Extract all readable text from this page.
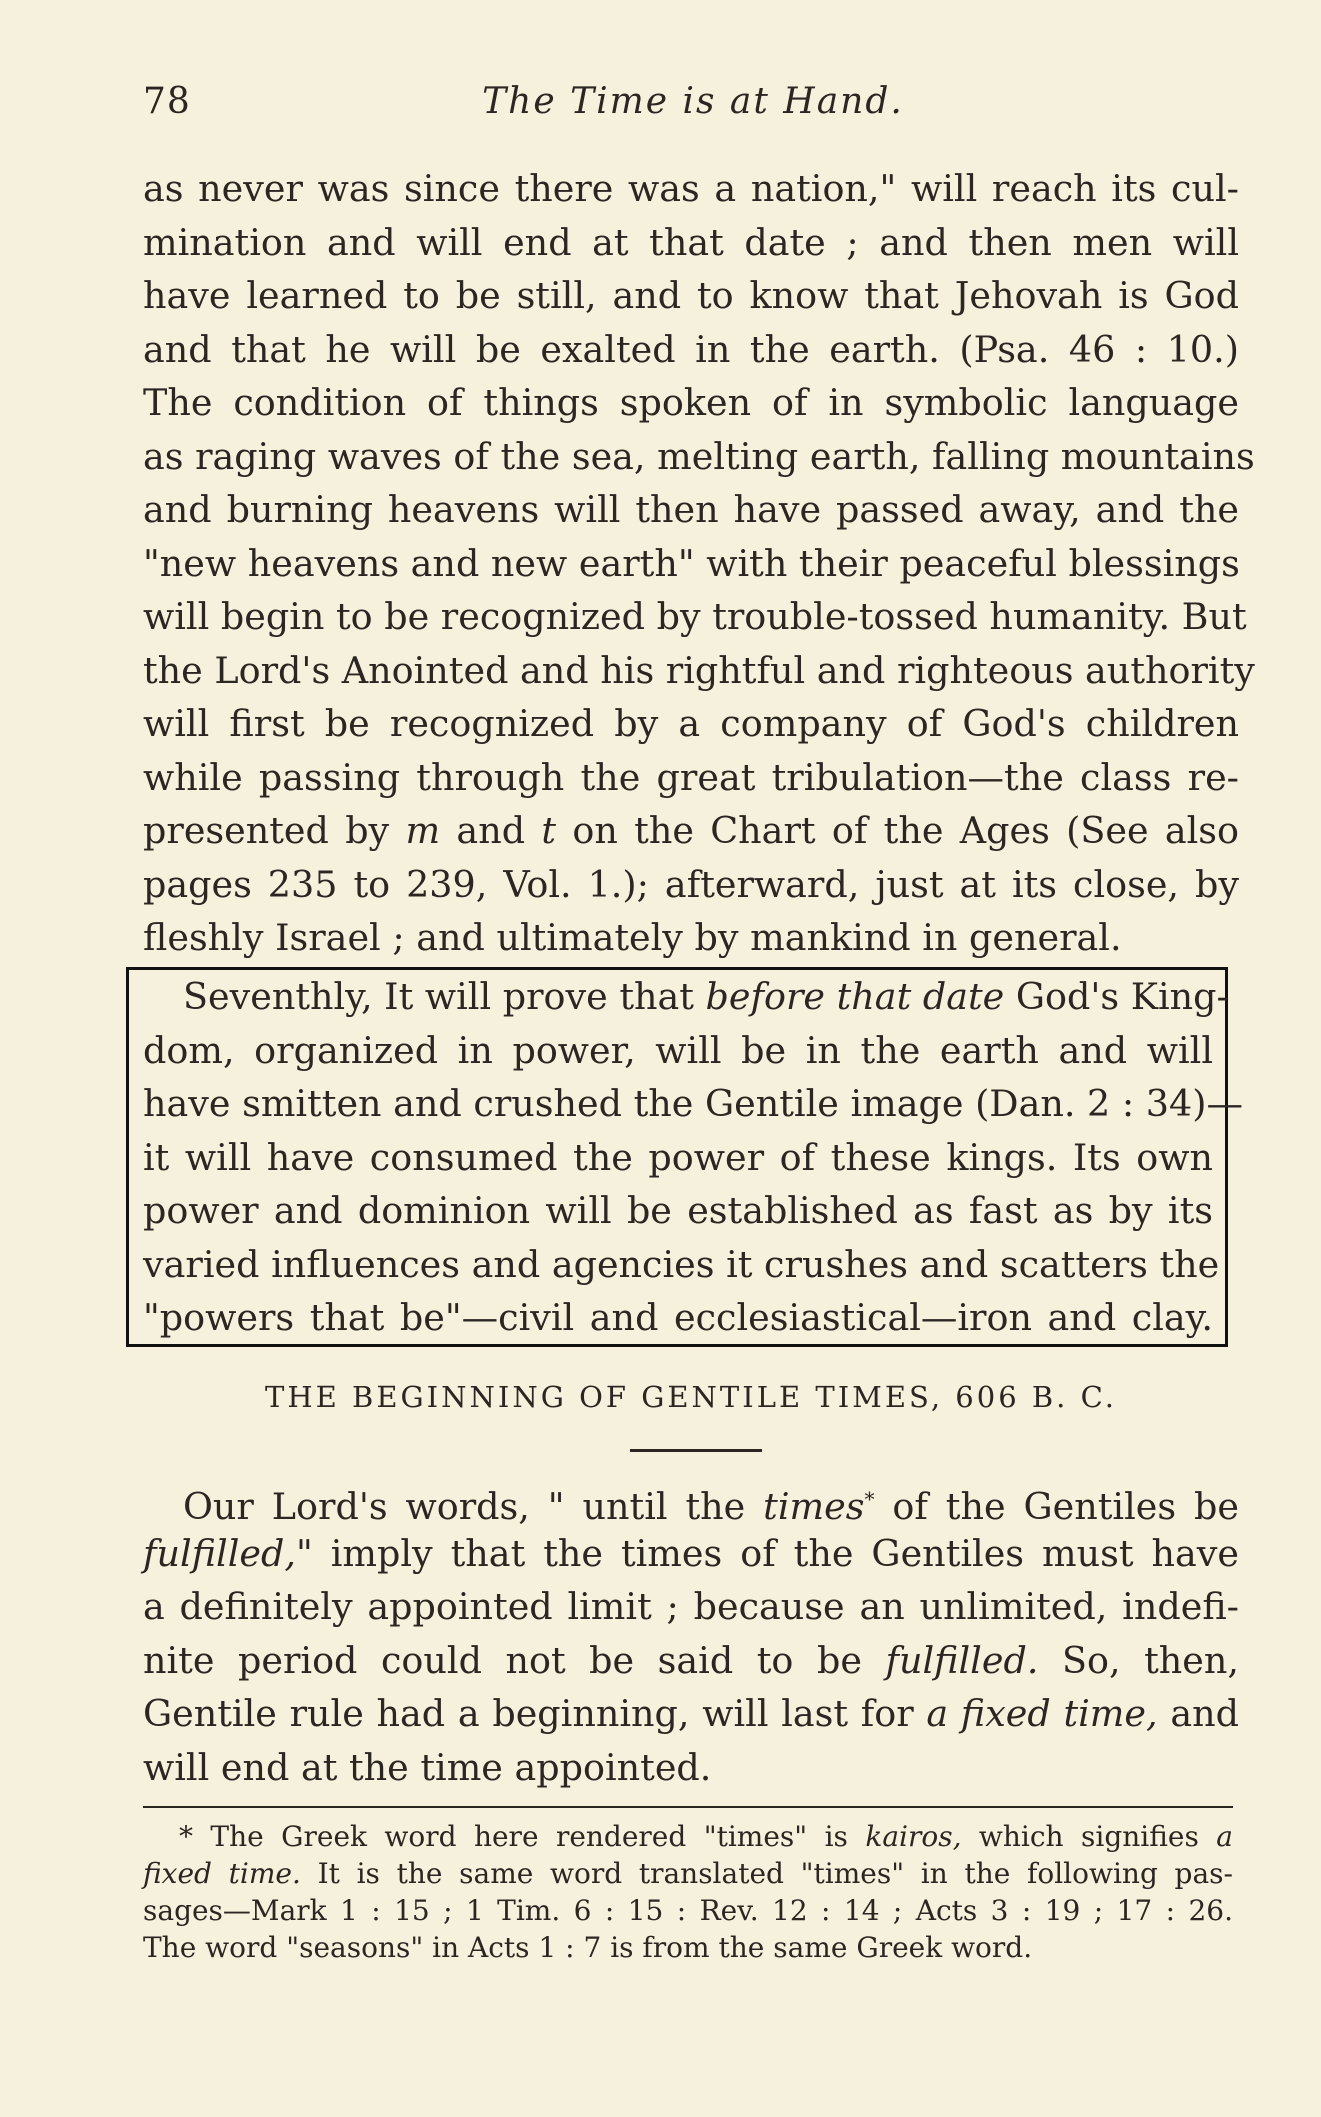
78	The Time is at Hand.
as never was since there was a nation," will reach its cul-
mination and will end at that date ; and then men will
have learned to be still, and to know that Jehovah is God
and that he will be exalted in the earth. (Psa. 46 : 10.)
The condition of things spoken of in symbolic language
as raging waves of the sea, melting earth, falling mountains
and burning heavens will then have passed away, and the
"new heavens and new earth" with their peaceful blessings
will begin to be recognized by trouble-tossed humanity. But
the Lord's Anointed and his rightful and righteous authority
will first be recognized by a company of God's children
while passing through the great tribulation—the class re-
presented by m and t on the Chart of the Ages (See also
pages 235 to 239, Vol. 1.); afterward, just at its close, by
fleshly Israel ; and ultimately by mankind in general.
Seventhly, It will prove that before that date God's King-
dom, organized in power, will be in the earth and will
have smitten and crushed the Gentile image (Dan. 2 : 34)—
it will have consumed the power of these kings. Its own
power and dominion will be established as fast as by its
varied influences and agencies it crushes and scatters the
"powers that be"—civil and ecclesiastical—iron and clay.
THE BEGINNING OF GENTILE TIMES, 606 B. C.
Our Lord's words, " until the times* of the Gentiles be
fulfilled," imply that the times of the Gentiles must have
a definitely appointed limit ; because an unlimited, indefi-
nite period could not be said to be fulfilled. So, then,
Gentile rule had a beginning, will last for a fixed time, and
will end at the time appointed.
* The Greek word here rendered "times" is kairos, which signifies a
fixed time. It is the same word translated "times" in the following pas-
sages—Mark 1 : 15 ; 1 Tim. 6 : 15 : Rev. 12 : 14 ; Acts 3 : 19 ; 17 : 26.
The word "seasons" in Acts 1 : 7 is from the same Greek word.
